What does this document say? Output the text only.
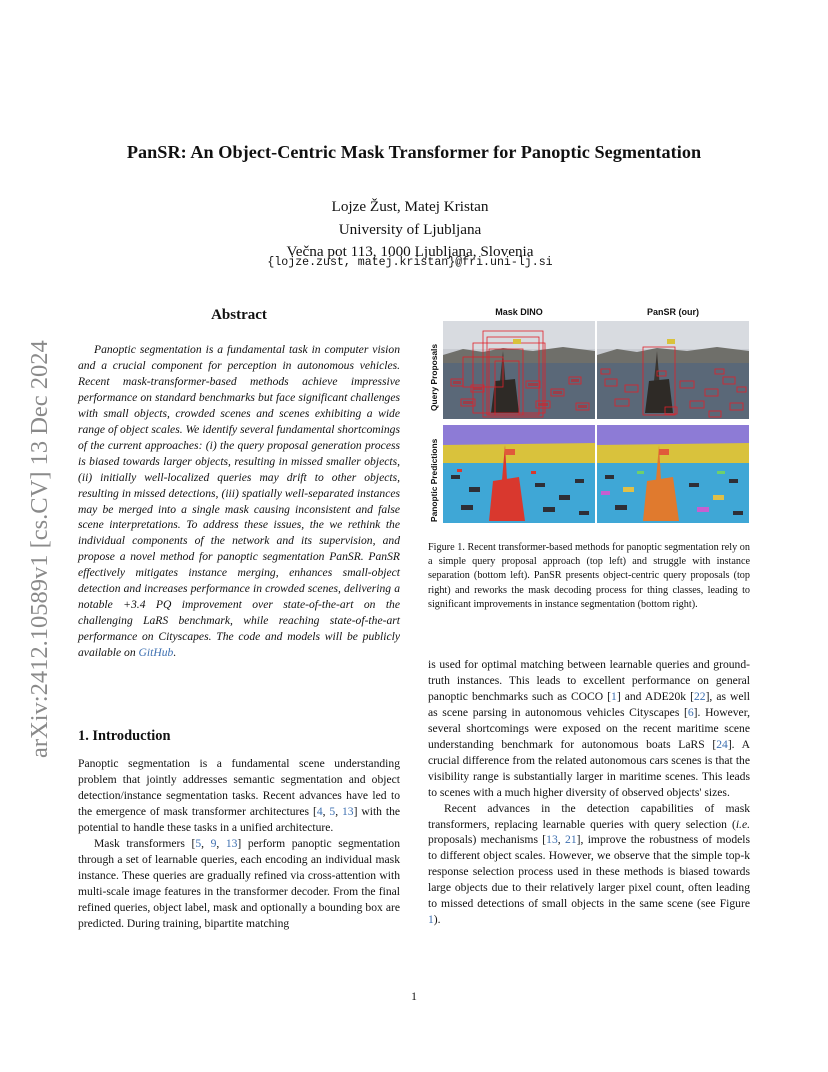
arXiv:2412.10589v1 [cs.CV] 13 Dec 2024
PanSR: An Object-Centric Mask Transformer for Panoptic Segmentation
Lojze Žust, Matej Kristan
University of Ljubljana
Večna pot 113, 1000 Ljubljana, Slovenia
{lojze.zust, matej.kristan}@fri.uni-lj.si
Abstract

Panoptic segmentation is a fundamental task in computer vision and a crucial component for perception in autonomous vehicles. Recent mask-transformer-based methods achieve impressive performance on standard benchmarks but face significant challenges with small objects, crowded scenes and scenes exhibiting a wide range of object scales. We identify several fundamental shortcomings of the current approaches: (i) the query proposal generation process is biased towards larger objects, resulting in missed smaller objects, (ii) initially well-localized queries may drift to other objects, resulting in missed detections, (iii) spatially well-separated instances may be merged into a single mask causing inconsistent and false scene interpretations. To address these issues, the we rethink the individual components of the network and its supervision, and propose a novel method for panoptic segmentation PanSR. PanSR effectively mitigates instance merging, enhances small-object detection and increases performance in crowded scenes, delivering a notable +3.4 PQ improvement over state-of-the-art on the challenging LaRS benchmark, while reaching state-of-the-art performance on Cityscapes. The code and models will be publicly available on GitHub.

1. Introduction

Panoptic segmentation is a fundamental scene understanding problem that jointly addresses semantic segmentation and object detection/instance segmentation tasks. Recent advances have led to the emergence of mask transformer architectures [4, 5, 13] with the potential to handle these tasks in a unified architecture.

Mask transformers [5, 9, 13] perform panoptic segmentation through a set of learnable queries, each encoding an individual mask instance. These queries are gradually refined via cross-attention with multi-scale image features in the transformer decoder. From the final refined queries, object label, mask and optionally a bounding box are predicted. During training, bipartite matching

Mask DINO	PanSR (our)
Query Proposals
Panoptic Predictions

Figure 1. Recent transformer-based methods for panoptic segmentation rely on a simple query proposal approach (top left) and struggle with instance separation (bottom left). PanSR presents object-centric query proposals (top right) and reworks the mask decoding process for thing classes, leading to significant improvements in instance segmentation (bottom right).

is used for optimal matching between learnable queries and ground-truth instances. This leads to excellent performance on general panoptic benchmarks such as COCO [1] and ADE20k [22], as well as scene parsing in autonomous vehicles Cityscapes [6]. However, several shortcomings were exposed on the recent maritime scene understanding benchmark for autonomous boats LaRS [24]. A crucial difference from the related autonomous cars scenes is that the visibility range is substantially larger in maritime scenes. This leads to scenes with a much higher diversity of observed objects' sizes.

Recent advances in the detection capabilities of mask transformers, replacing learnable queries with query selection (i.e. proposals) mechanisms [13, 21], improve the robustness of models to different object scales. However, we observe that the simple top-k response selection process used in these methods is biased towards large objects due to their relatively larger pixel count, often leading to missed detections of small objects in the same scene (see Figure 1).

1
